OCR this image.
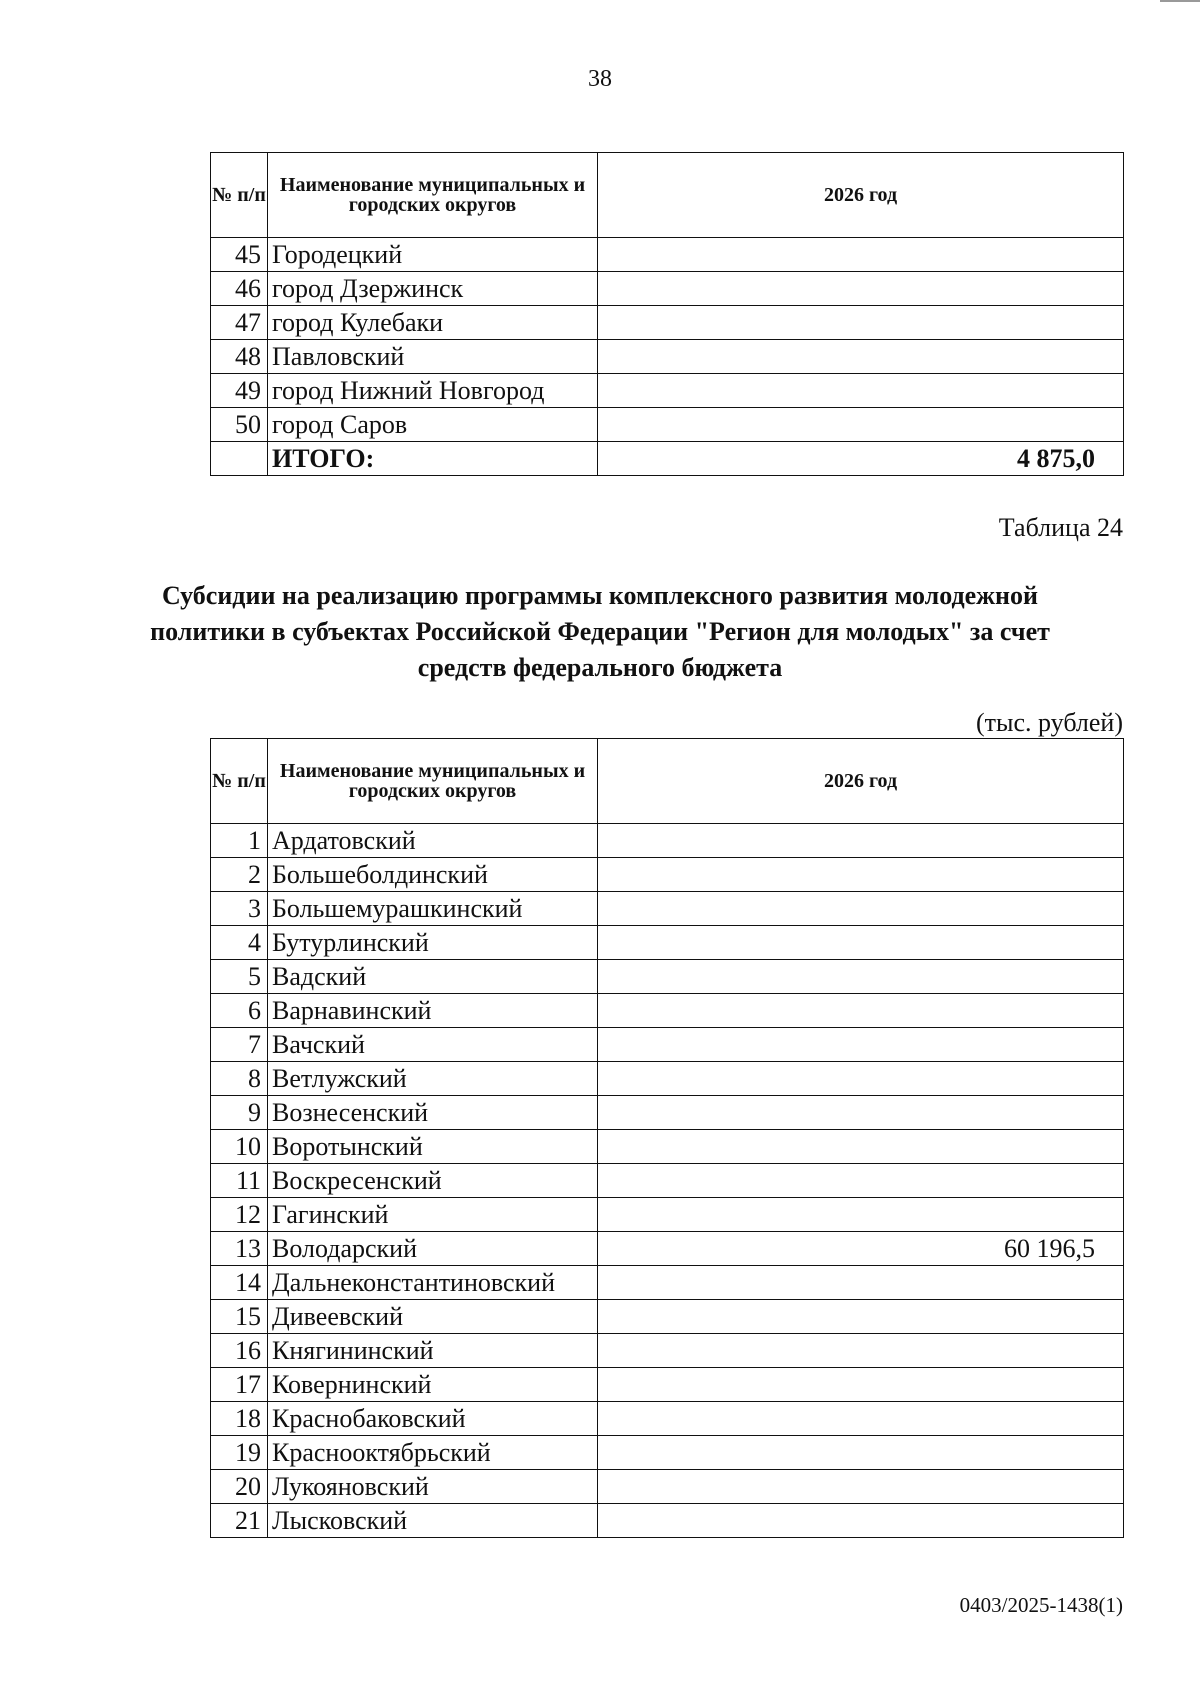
38
№ п/п	Наименование муниципальных и городских округов	2026 год
45	Городецкий	
46	город Дзержинск	
47	город Кулебаки	
48	Павловский	
49	город Нижний Новгород	
50	город Саров	
	ИТОГО:	4 875,0
Таблица 24
Субсидии на реализацию программы комплексного развития молодежной политики в субъектах Российской Федерации "Регион для молодых" за счет средств федерального бюджета
(тыс. рублей)
№ п/п	Наименование муниципальных и городских округов	2026 год
1	Ардатовский	
2	Большеболдинский	
3	Большемурашкинский	
4	Бутурлинский	
5	Вадский	
6	Варнавинский	
7	Вачский	
8	Ветлужский	
9	Вознесенский	
10	Воротынский	
11	Воскресенский	
12	Гагинский	
13	Володарский	60 196,5
14	Дальнеконстантиновский	
15	Дивеевский	
16	Княгининский	
17	Ковернинский	
18	Краснобаковский	
19	Краснооктябрьский	
20	Лукояновский	
21	Лысковский	
0403/2025-1438(1)
